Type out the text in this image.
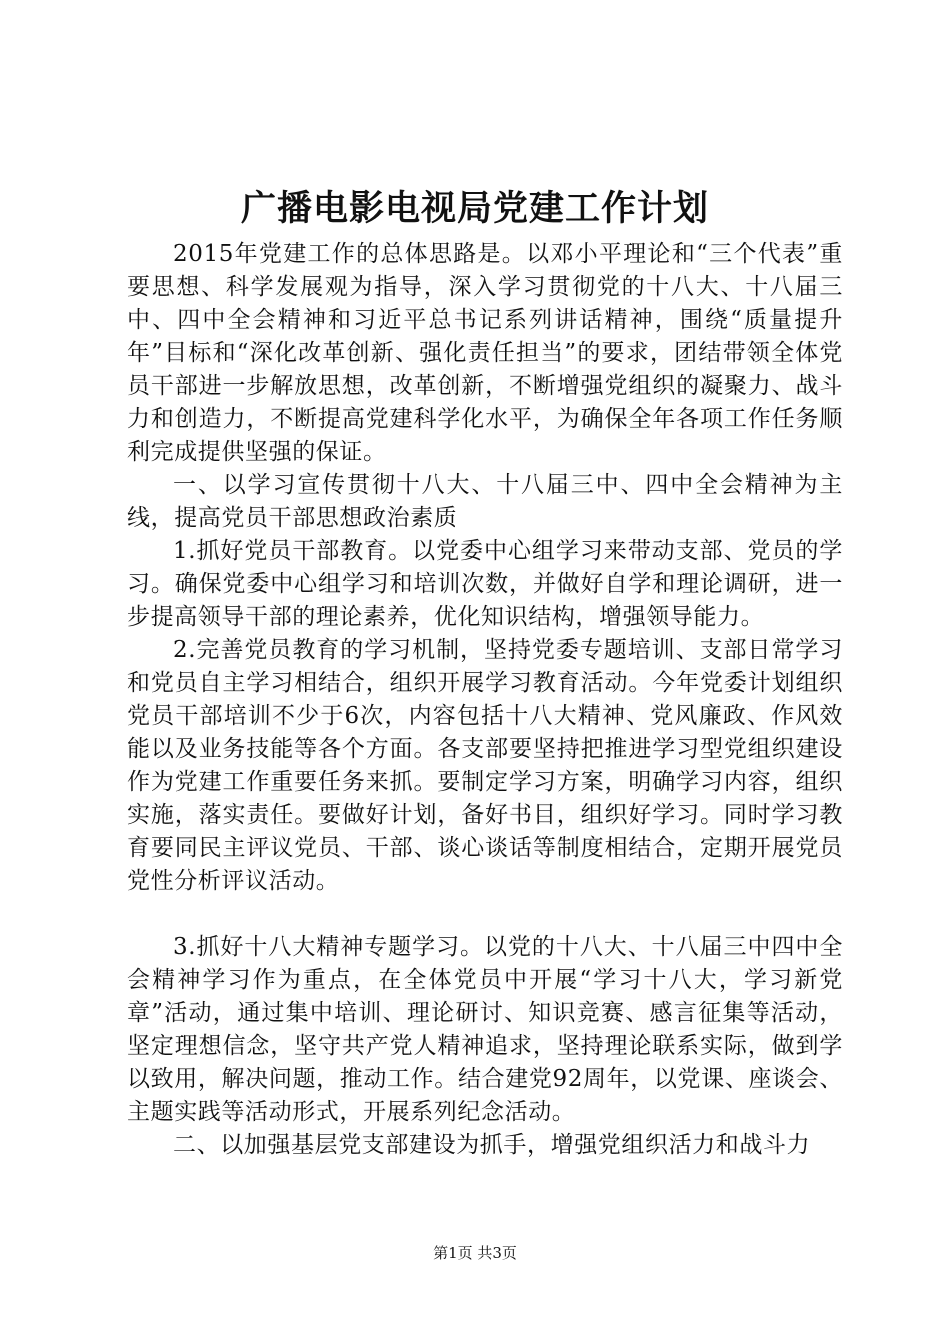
广播电影电视局党建工作计划

2015年党建工作的总体思路是。以邓小平理论和“三个代表”重要思想、科学发展观为指导，深入学习贯彻党的十八大、十八届三中、四中全会精神和习近平总书记系列讲话精神，围绕“质量提升年”目标和“深化改革创新、强化责任担当”的要求，团结带领全体党员干部进一步解放思想，改革创新，不断增强党组织的凝聚力、战斗力和创造力，不断提高党建科学化水平，为确保全年各项工作任务顺利完成提供坚强的保证。

一、以学习宣传贯彻十八大、十八届三中、四中全会精神为主线，提高党员干部思想政治素质

1.抓好党员干部教育。以党委中心组学习来带动支部、党员的学习。确保党委中心组学习和培训次数，并做好自学和理论调研，进一步提高领导干部的理论素养，优化知识结构，增强领导能力。

2.完善党员教育的学习机制，坚持党委专题培训、支部日常学习和党员自主学习相结合，组织开展学习教育活动。今年党委计划组织党员干部培训不少于6次，内容包括十八大精神、党风廉政、作风效能以及业务技能等各个方面。各支部要坚持把推进学习型党组织建设作为党建工作重要任务来抓。要制定学习方案，明确学习内容，组织实施，落实责任。要做好计划，备好书目，组织好学习。同时学习教育要同民主评议党员、干部、谈心谈话等制度相结合，定期开展党员党性分析评议活动。

3.抓好十八大精神专题学习。以党的十八大、十八届三中四中全会精神学习作为重点，在全体党员中开展“学习十八大，学习新党章”活动，通过集中培训、理论研讨、知识竞赛、感言征集等活动，坚定理想信念，坚守共产党人精神追求，坚持理论联系实际，做到学以致用，解决问题，推动工作。结合建党92周年，以党课、座谈会、主题实践等活动形式，开展系列纪念活动。

二、以加强基层党支部建设为抓手，增强党组织活力和战斗力

第1页 共3页
